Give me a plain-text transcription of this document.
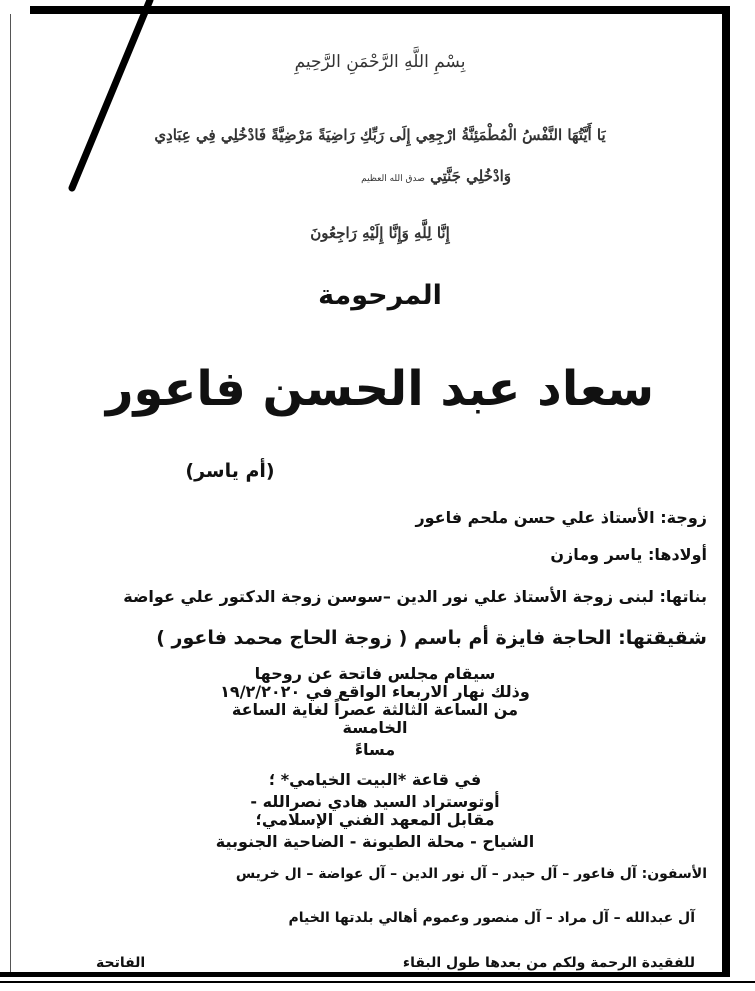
بِسْمِ اللَّهِ الرَّحْمَنِ الرَّحِيمِ
يَا أَيَّتُهَا النَّفْسُ الْمُطْمَئِنَّةُ ارْجِعِي إِلَى رَبِّكِ رَاضِيَةً مَرْضِيَّةً فَادْخُلِي فِي عِبَادِي
وَادْخُلِي جَنَّتِي صدق الله العظيم
إِنَّا لِلَّهِ وَإِنَّا إِلَيْهِ رَاجِعُونَ
المرحومة
سعاد عبد الحسن فاعور
(أم ياسر)
زوجة: الأستاذ علي حسن ملحم فاعور
أولادها: ياسر ومازن
بناتها: لبنى زوجة الأستاذ علي نور الدين –سوسن زوجة الدكتور علي عواضة
شقيقتها: الحاجة فايزة أم باسم ( زوجة الحاج محمد فاعور )
سيقام مجلس فاتحة عن روحها
وذلك نهار الاربعاء الواقع في ١٩/٢/٢٠٢٠
من الساعة الثالثة عصراً لغاية الساعة
الخامسة
مساءً
في قاعة *البيت الخيامي* ؛
أوتوستراد السيد هادي نصرالله -
مقابل المعهد الفني الإسلامي؛
الشياح - محلة الطيونة - الضاحية الجنوبية
الأسفون: آل فاعور – آل حيدر – آل نور الدين – آل عواضة – ال خريس
آل عبدالله – آل مراد – آل منصور وعموم أهالي بلدتها الخيام
للفقيدة الرحمة ولكم من بعدها طول البقاء
الفاتحة
